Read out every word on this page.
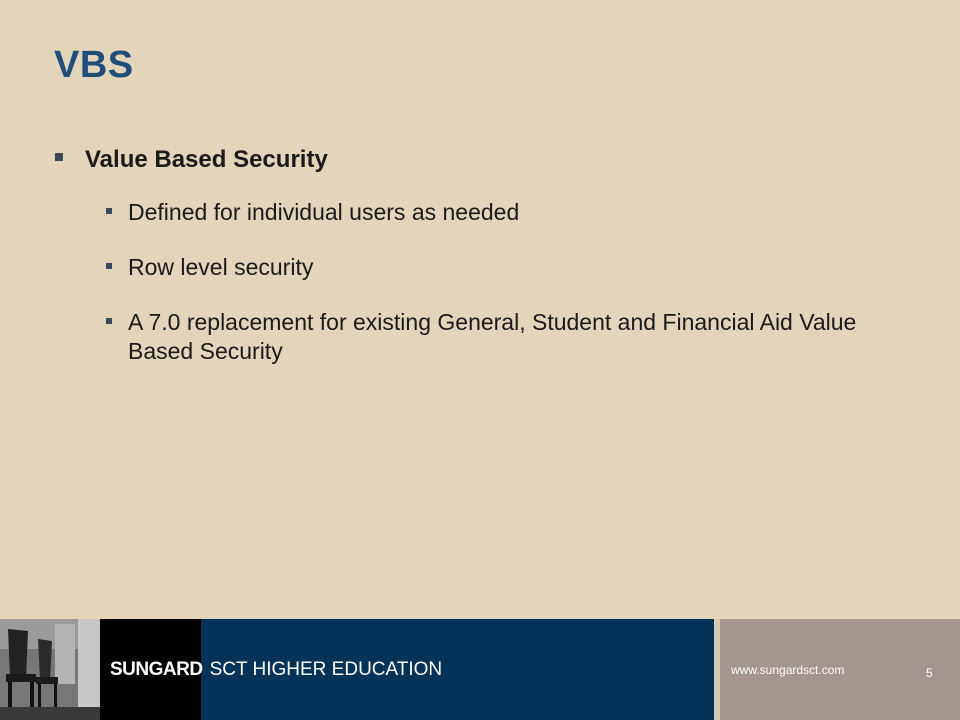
VBS
Value Based Security
Defined for individual users as needed
Row level security
A 7.0 replacement for existing General, Student and Financial Aid Value Based Security
SUNGARD SCT HIGHER EDUCATION	www.sungardsct.com	5
